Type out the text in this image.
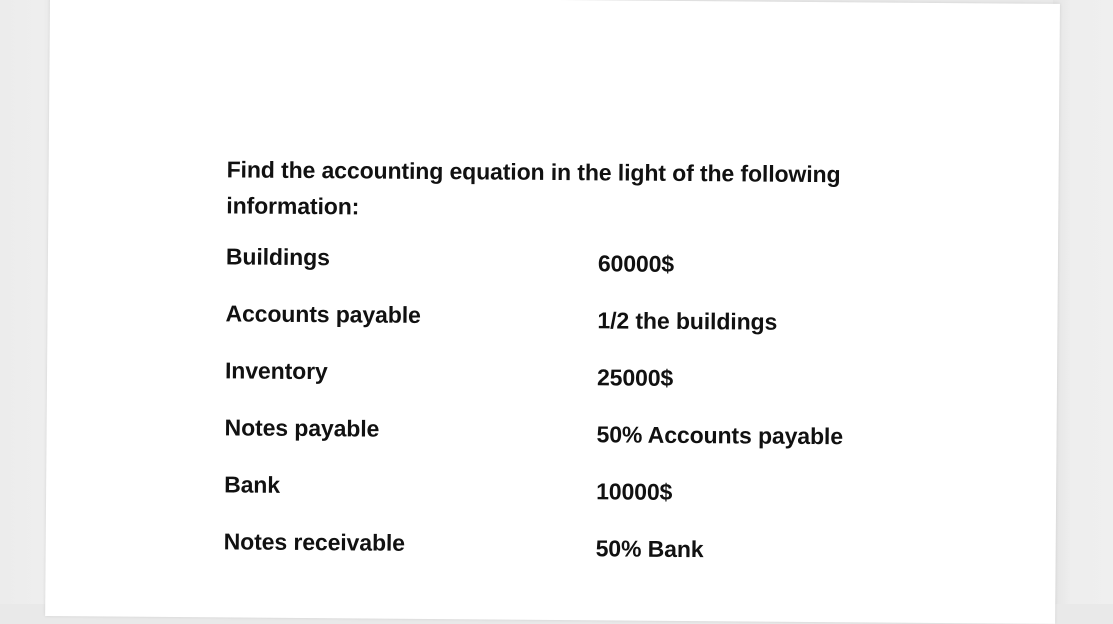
Find the accounting equation in the light of the following information:

Buildings	60000$
Accounts payable	1/2 the buildings
Inventory	25000$
Notes payable	50% Accounts payable
Bank	10000$
Notes receivable	50% Bank
